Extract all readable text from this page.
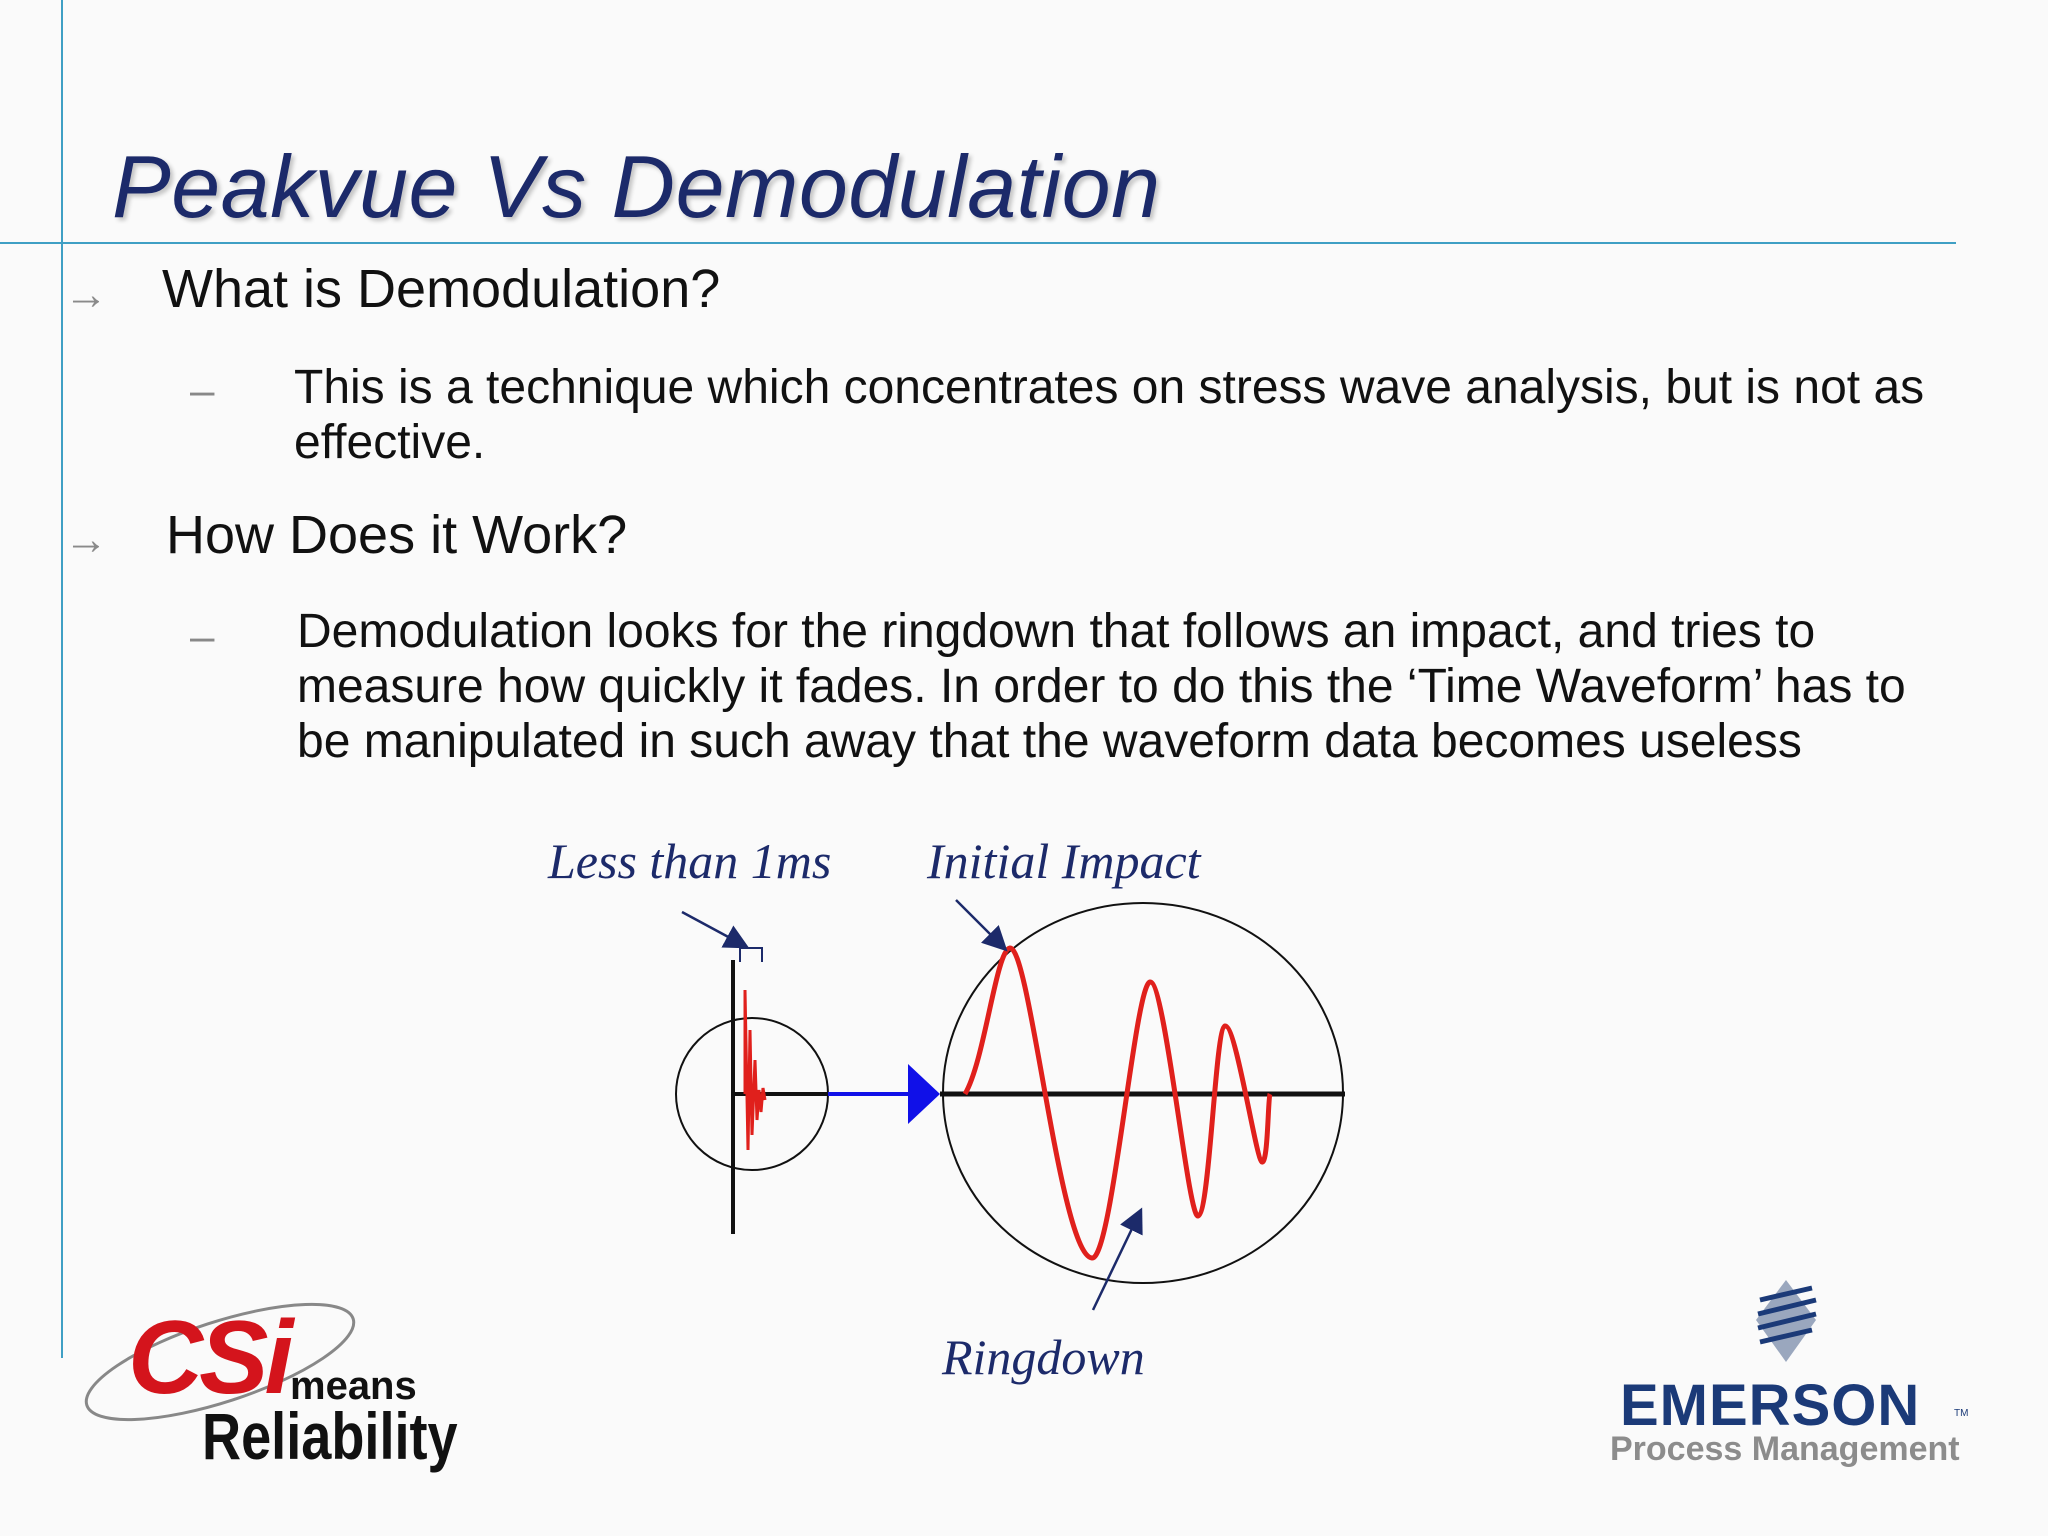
Peakvue Vs Demodulation
→ What is Demodulation?
– This is a technique which concentrates on stress wave analysis, but is not as effective.
→ How Does it Work?
– Demodulation looks for the ringdown that follows an impact, and tries to measure how quickly it fades. In order to do this the ‘Time Waveform’ has to be manipulated in such away that the waveform data becomes useless
Less than 1ms Initial Impact
Ringdown
CSi means
Reliability	EMERSON	TM
Process Management
